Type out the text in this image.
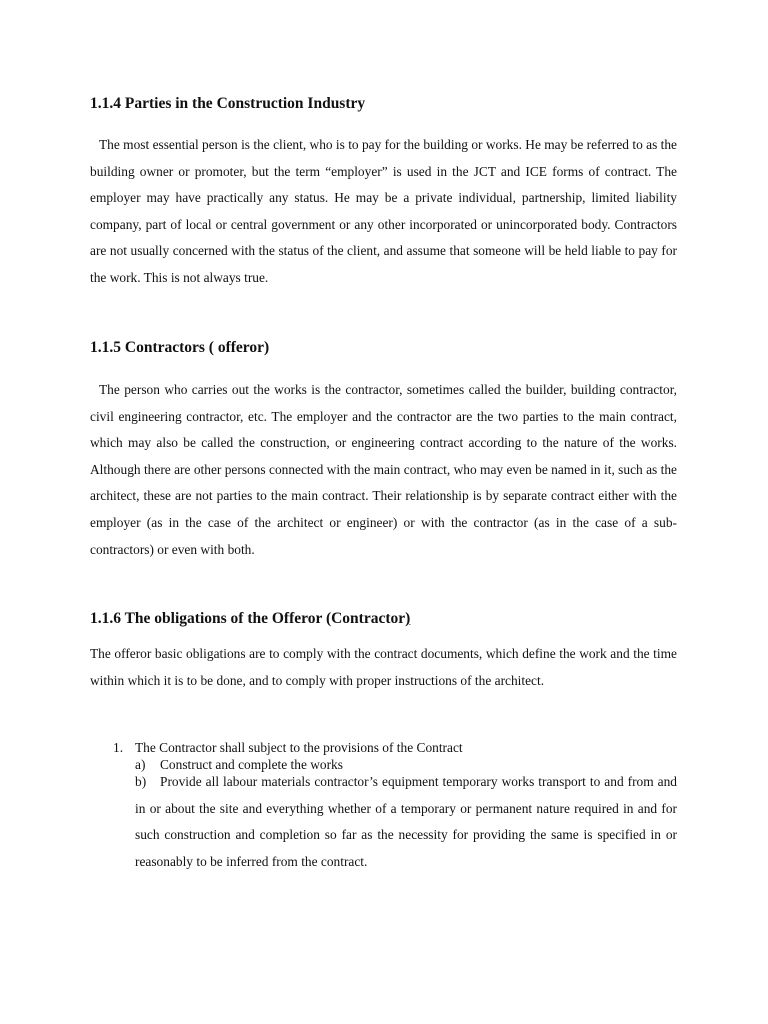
1.1.4 Parties in the Construction Industry

The most essential person is the client, who is to pay for the building or works. He may be referred to as the building owner or promoter, but the term “employer” is used in the JCT and ICE forms of contract. The employer may have practically any status. He may be a private individual, partnership, limited liability company, part of local or central government or any other incorporated or unincorporated body. Contractors are not usually concerned with the status of the client, and assume that someone will be held liable to pay for the work. This is not always true.

1.1.5 Contractors ( offeror)

The person who carries out the works is the contractor, sometimes called the builder, building contractor, civil engineering contractor, etc. The employer and the contractor are the two parties to the main contract, which may also be called the construction, or engineering contract according to the nature of the works. Although there are other persons connected with the main contract, who may even be named in it, such as the architect, these are not parties to the main contract. Their relationship is by separate contract either with the employer (as in the case of the architect or engineer) or with the contractor (as in the case of a sub-contractors) or even with both.

1.1.6 The obligations of the Offeror (Contractor)

The offeror basic obligations are to comply with the contract documents, which define the work and the time within which it is to be done, and to comply with proper instructions of the architect.

1. The Contractor shall subject to the provisions of the Contract
a) Construct and complete the works
b)	Provide all labour materials contractor’s equipment temporary works transport to and from and in or about the site and everything whether of a temporary or permanent nature required in and for such construction and completion so far as the necessity for providing the same is specified in or reasonably to be inferred from the contract.
